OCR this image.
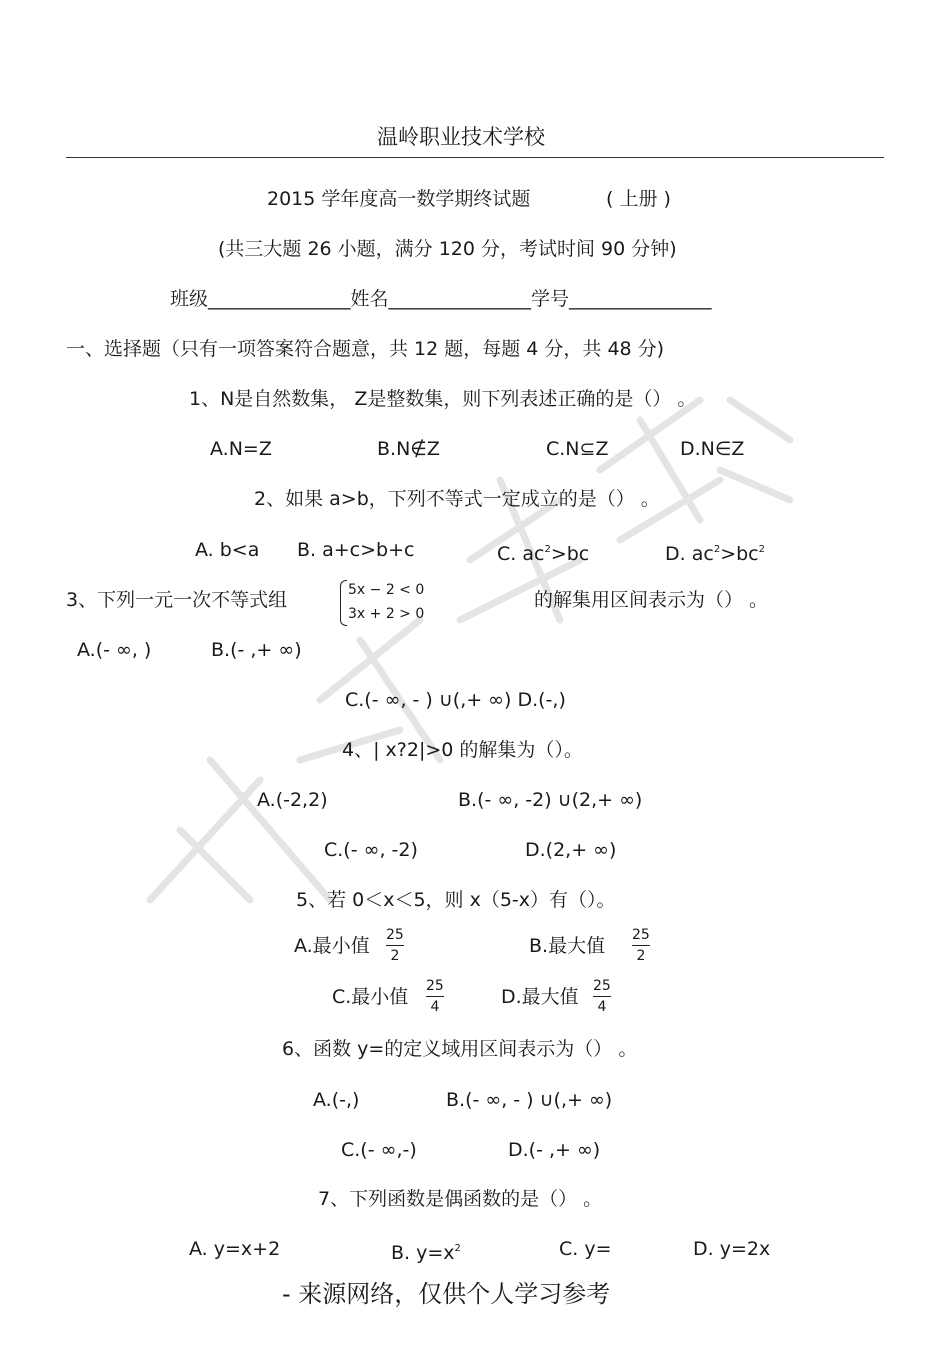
温岭职业技术学校
2015 学年度高一数学期终试题	( 上册 )
(共三大题 26 小题，满分 120 分，考试时间 90 分钟)
班级_______________姓名_______________学号_______________
一、选择题（只有一项答案符合题意，共 12 题，每题 4 分，共 48 分)
1、N是自然数集， Z是整数集，则下列表述正确的是（） 。
A.N=Z	B.N∉Z	C.N⊆Z	D.N∈Z
2、如果 a>b，下列不等式一定成立的是（） 。
A. b<a B. a+c>b+c	C. $ac^2>bc$	D. $ac^2>bc^2$
3、下列一元一次不等式组	5x − 2 < 0
3x + 2 > 0
的解集用区间表示为（） 。
A.(- ∞, )	B.(- ,+ ∞)
C.(- ∞, - ) ∪(,+ ∞) D.(-,)
4、| x?2|>0 的解集为（）。
A.(-2,2)	B.(- ∞, -2) ∪(2,+ ∞)
C.(- ∞, -2)	D.(2,+ ∞)
5、若 0＜x＜5，则 x（5-x）有（）。
A.最小值 25
2	B.最大值 25
2
C.最小值 25
4	D.最大值 25
4
6、函数 y=的定义域用区间表示为（） 。
A.(-,)	B.(- ∞, - ) ∪(,+ ∞)
C.(- ∞,-)	D.(- ,+ ∞)
7、下列函数是偶函数的是（） 。
A. y=x+2	B. $y=x^2$	C. y=	D. y=2x
- 来源网络，仅供个人学习参考
